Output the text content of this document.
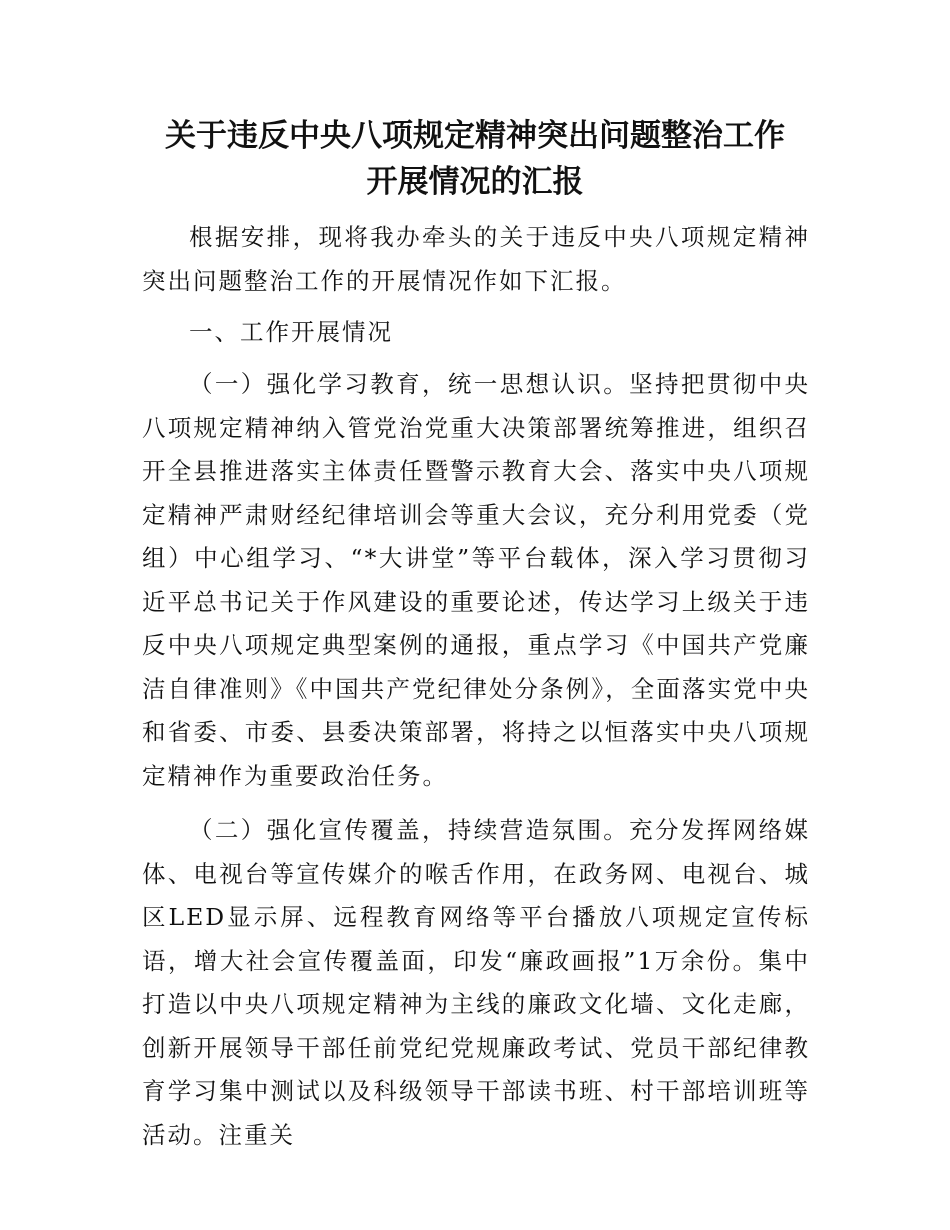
关于违反中央八项规定精神突出问题整治工作
开展情况的汇报

根据安排，现将我办牵头的关于违反中央八项规定精神突出问题整治工作的开展情况作如下汇报。

一、工作开展情况

（一）强化学习教育，统一思想认识。坚持把贯彻中央八项规定精神纳入管党治党重大决策部署统筹推进，组织召开全县推进落实主体责任暨警示教育大会、落实中央八项规定精神严肃财经纪律培训会等重大会议，充分利用党委（党组）中心组学习、“*大讲堂”等平台载体，深入学习贯彻习近平总书记关于作风建设的重要论述，传达学习上级关于违反中央八项规定典型案例的通报，重点学习《中国共产党廉洁自律准则》《中国共产党纪律处分条例》，全面落实党中央和省委、市委、县委决策部署，将持之以恒落实中央八项规定精神作为重要政治任务。

（二）强化宣传覆盖，持续营造氛围。充分发挥网络媒体、电视台等宣传媒介的喉舌作用，在政务网、电视台、城区LED显示屏、远程教育网络等平台播放八项规定宣传标语，增大社会宣传覆盖面，印发“廉政画报”1万余份。集中打造以中央八项规定精神为主线的廉政文化墙、文化走廊，创新开展领导干部任前党纪党规廉政考试、党员干部纪律教育学习集中测试以及科级领导干部读书班、村干部培训班等活动。注重关
